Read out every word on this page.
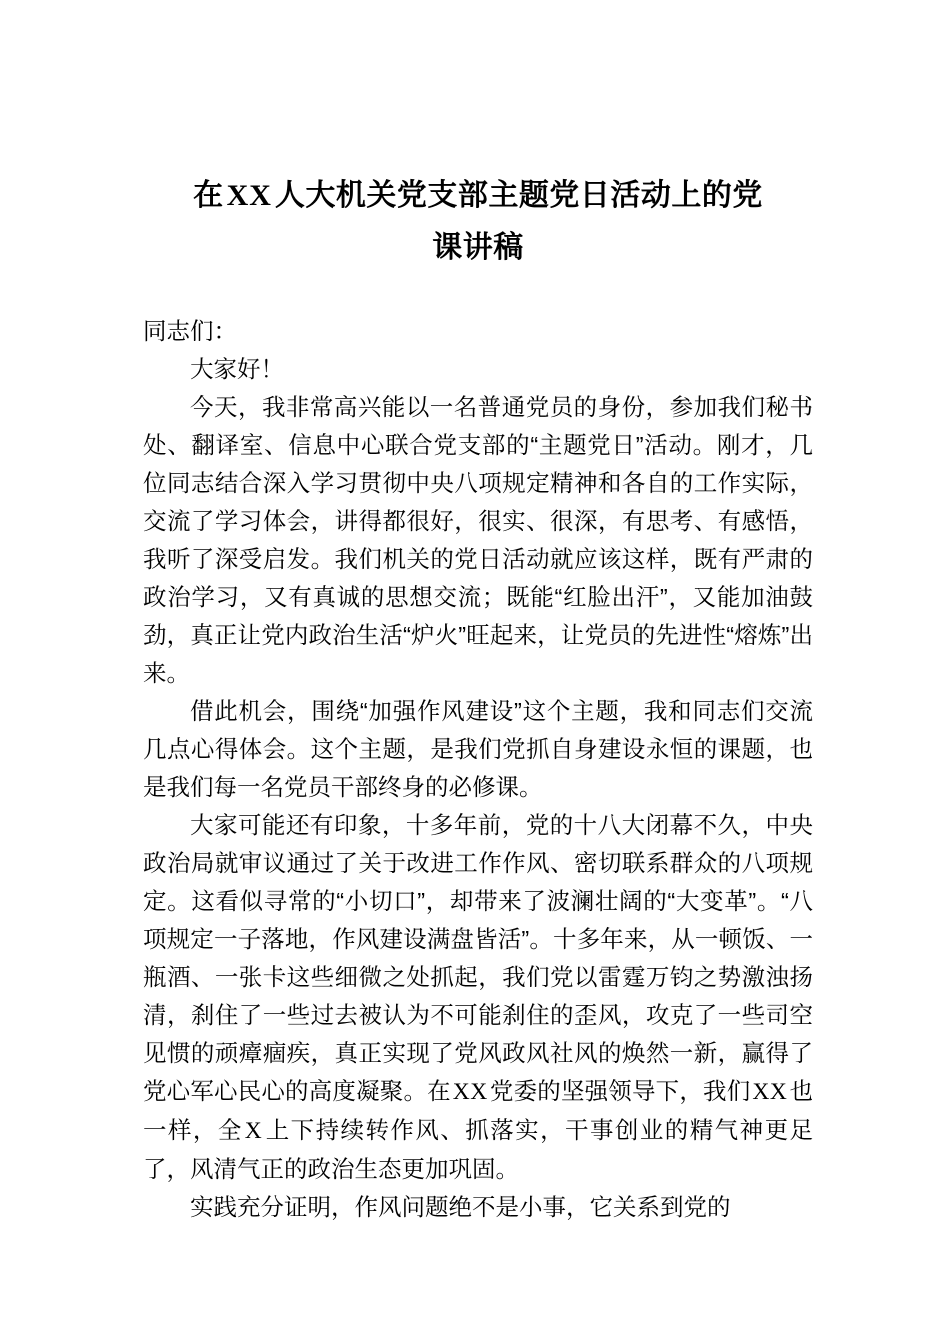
在 XX 人大机关党支部主题党日活动上的党
课讲稿

同志们：

大家好！

今天，我非常高兴能以一名普通党员的身份，参加我们秘书处、翻译室、信息中心联合党支部的“主题党日”活动。刚才，几位同志结合深入学习贯彻中央八项规定精神和各自的工作实际，交流了学习体会，讲得都很好，很实、很深，有思考、有感悟，我听了深受启发。我们机关的党日活动就应该这样，既有严肃的政治学习，又有真诚的思想交流；既能“红脸出汗”，又能加油鼓劲，真正让党内政治生活“炉火”旺起来，让党员的先进性“熔炼”出来。

借此机会，围绕“加强作风建设”这个主题，我和同志们交流几点心得体会。这个主题，是我们党抓自身建设永恒的课题，也是我们每一名党员干部终身的必修课。

大家可能还有印象，十多年前，党的十八大闭幕不久，中央政治局就审议通过了关于改进工作作风、密切联系群众的八项规定。这看似寻常的“小切口”，却带来了波澜壮阔的“大变革”。“八项规定一子落地，作风建设满盘皆活”。十多年来，从一顿饭、一瓶酒、一张卡这些细微之处抓起，我们党以雷霆万钧之势激浊扬清，刹住了一些过去被认为不可能刹住的歪风，攻克了一些司空见惯的顽瘴痼疾，真正实现了党风政风社风的焕然一新，赢得了党心军心民心的高度凝聚。在XX党委的坚强领导下，我们XX也一样，全X上下持续转作风、抓落实，干事创业的精气神更足了，风清气正的政治生态更加巩固。

实践充分证明，作风问题绝不是小事，它关系到党的
